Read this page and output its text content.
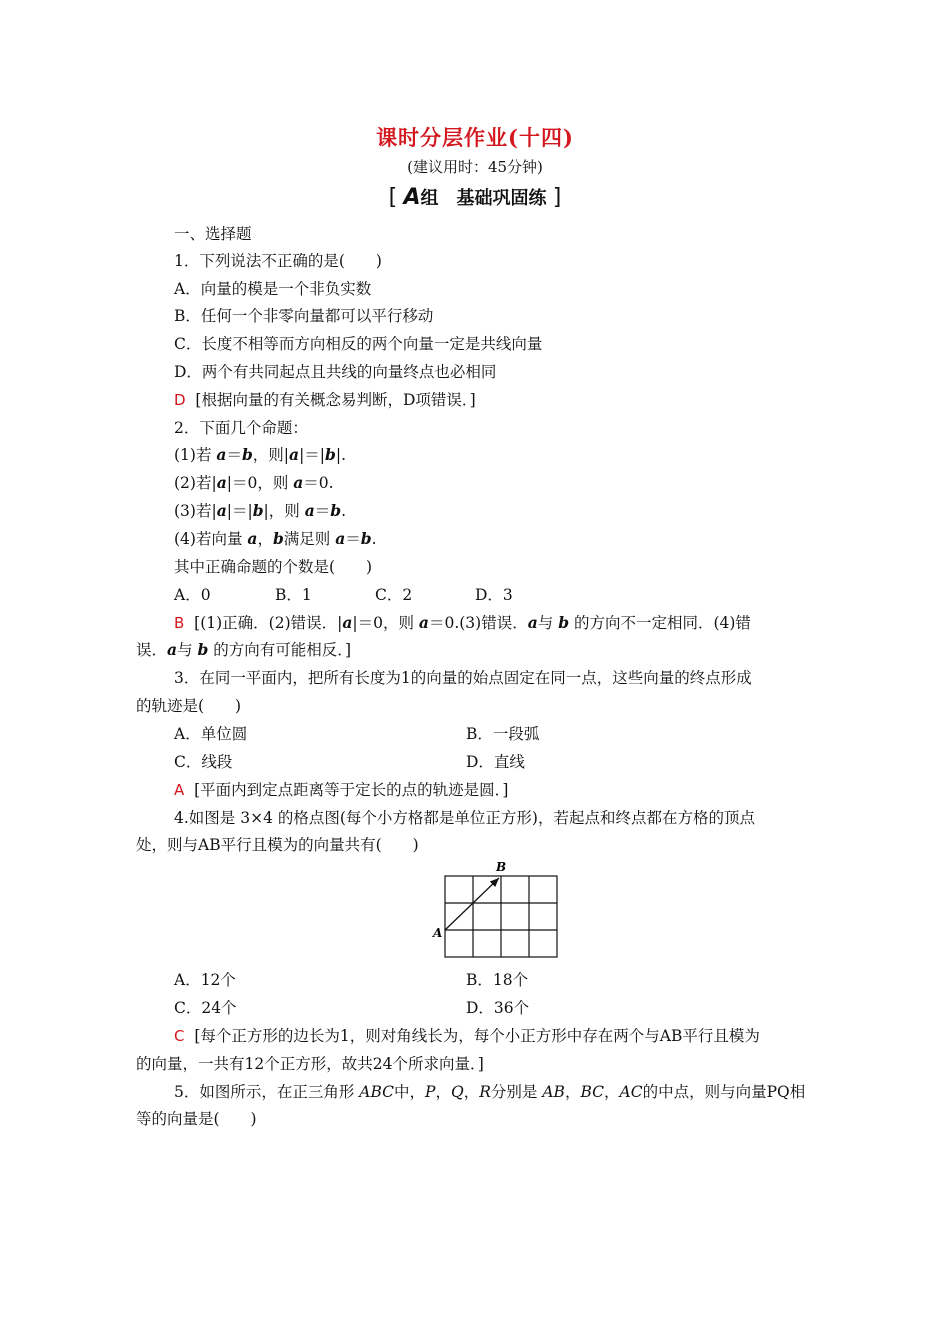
课时分层作业(十四)
(建议用时：45分钟)
[ A组　基础巩固练 ]
一、选择题
1．下列说法不正确的是(　　)
A．向量的模是一个非负实数
B．任何一个非零向量都可以平行移动
C．长度不相等而方向相反的两个向量一定是共线向量
D．两个有共同起点且共线的向量终点也必相同
D [根据向量的有关概念易判断，D项错误．]
2．下面几个命题：
(1)若 a＝b，则|a|＝|b|.
(2)若|a|＝0，则 a＝0.
(3)若|a|＝|b|，则 a＝b.
(4)若向量 a，b满足则 a＝b.
其中正确命题的个数是(　　)
A．0	B．1	C．2	D．3
B [(1)正确．(2)错误．|a|＝0，则 a＝0.(3)错误．a与 b 的方向不一定相同．(4)错
误．a与 b 的方向有可能相反．]
3．在同一平面内，把所有长度为1的向量的始点固定在同一点，这些向量的终点形成
的轨迹是(　　)
A．单位圆	B．一段弧
C．线段	D．直线
A [平面内到定点距离等于定长的点的轨迹是圆．]
4.如图是 3×4 的格点图(每个小方格都是单位正方形)，若起点和终点都在方格的顶点
处，则与AB平行且模为的向量共有(　　)
A
B
A．12个	B．18个
C．24个	D．36个
C [每个正方形的边长为1，则对角线长为，每个小正方形中存在两个与AB平行且模为
的向量，一共有12个正方形，故共24个所求向量．]
5．如图所示，在正三角形 ABC中，P，Q，R分别是 AB，BC，AC的中点，则与向量PQ相
等的向量是(　　)
